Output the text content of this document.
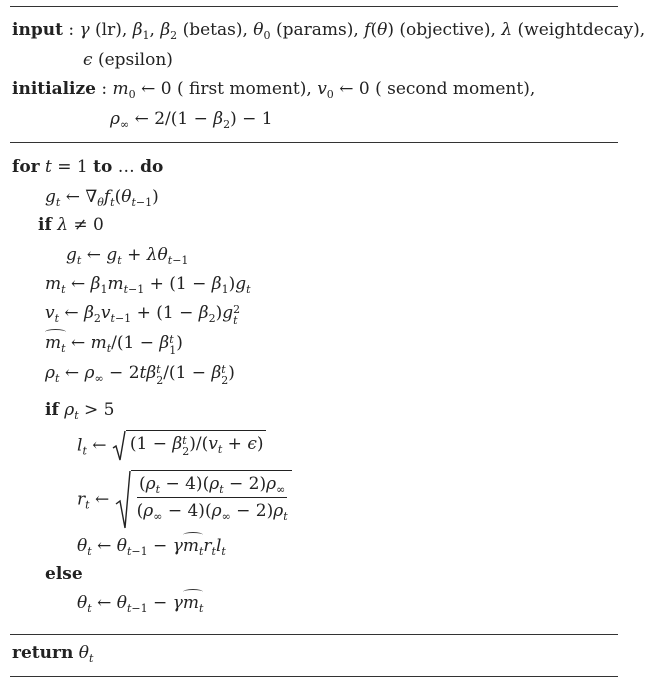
input : γ (lr), $\beta_1$, $\beta_2$ (betas), $\theta_0$ (params), f(θ) (objective), λ (weightdecay),
ϵ (epsilon)
initialize : $m_0$ ← 0 ( first moment), $v_0$ ← 0 ( second moment),
$\rho_\infty$ ← $2/(1 - \beta_2) - 1$
for t = 1 to … do
$g_t$ ← $\nabla_\theta f_t(\theta_{t-1})$
if λ ≠ 0
$g_t$ ← $g_t + \lambda\theta_{t-1}$
$m_t$ ← $\beta_1m_{t-1} + (1 - \beta_1)g_t$
$v_t$ ← $\beta_2v_{t-1} + (1 - \beta_2)g$ 2
t
$m_t$ ← $m_t/(1 - \beta$ t
1 )
$\rho_t$ ← $\rho_\infty - 2t\beta$ t
2 /(1 − β t
2 )
if $\rho_t > 5$
$l_t$ ← (1 − β t
2 )$/(v_t + \epsilon)$
$r_t$ ← $\frac{(\rho_t - 4)(\rho_t - 2)\rho_\infty}{(\rho_\infty - 4)(\rho_\infty - 2)\rho_t}$
$\theta_t$ ← $\theta_{t-1} - \gamma m_tr_tl_t$
else
$\theta_t$ ← $\theta_{t-1} - \gamma m_t$
return $\theta_t$
